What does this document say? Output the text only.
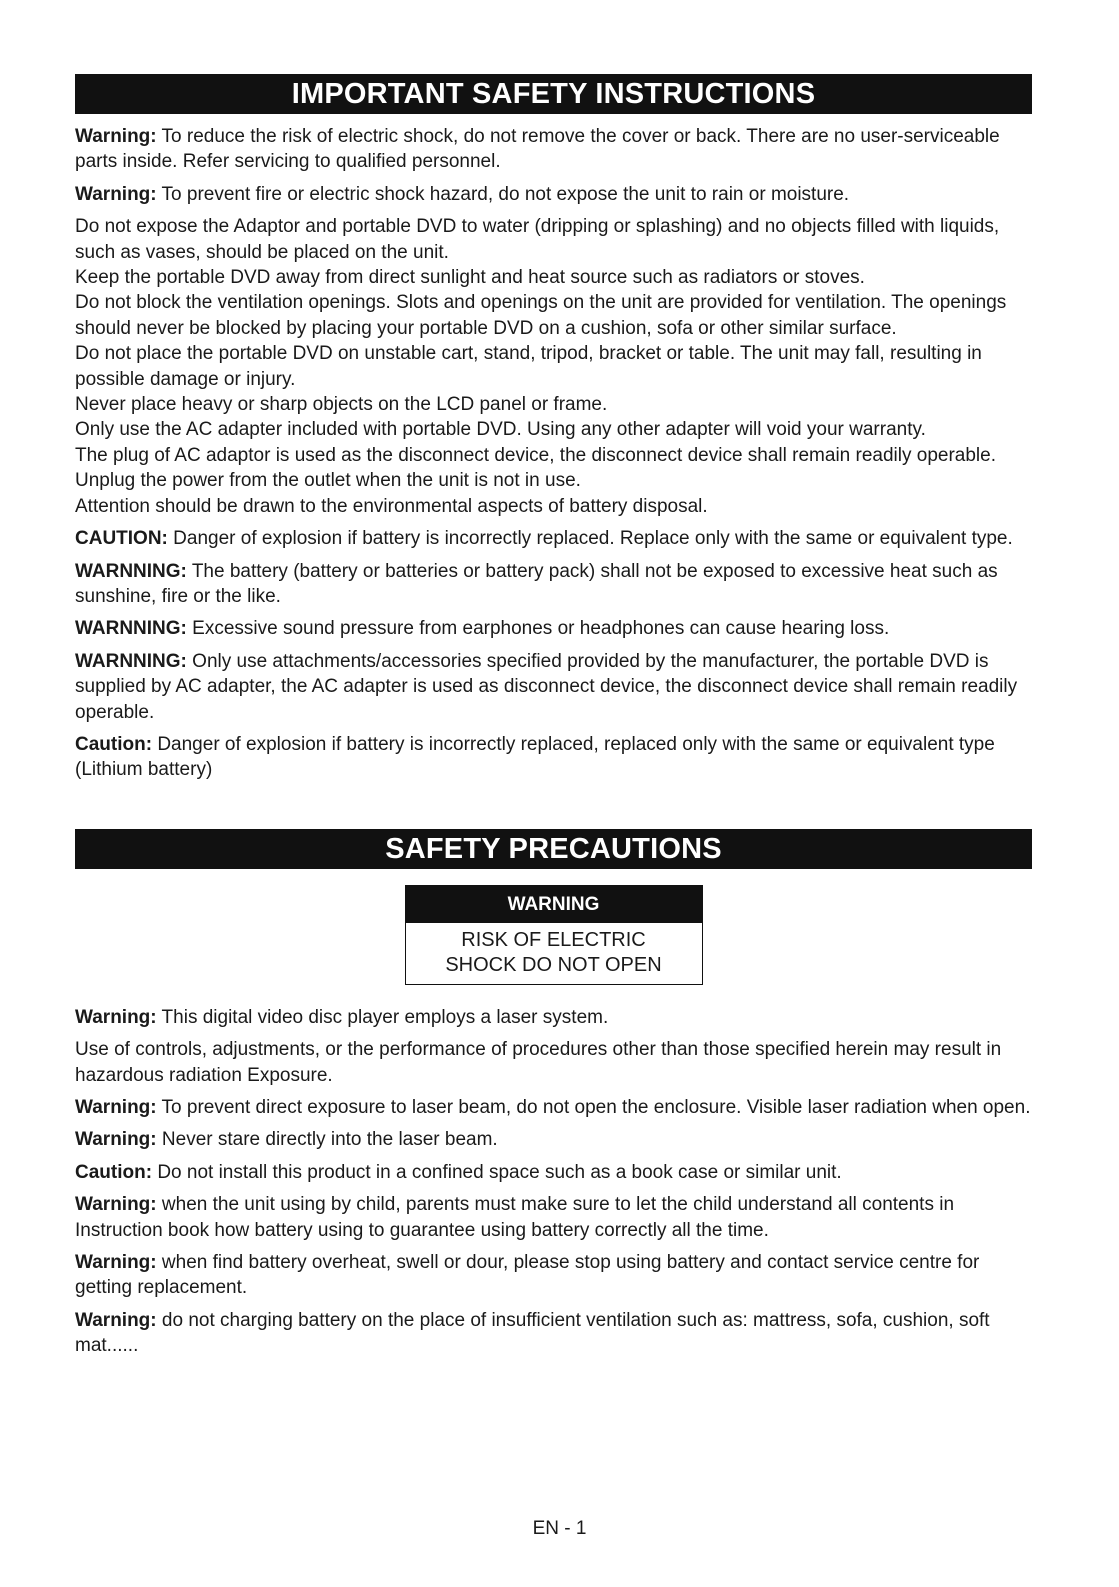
IMPORTANT SAFETY INSTRUCTIONS

Warning: To reduce the risk of electric shock, do not remove the cover or back. There are no user-serviceable parts inside. Refer servicing to qualified personnel.

Warning: To prevent fire or electric shock hazard, do not expose the unit to rain or moisture.

Do not expose the Adaptor and portable DVD to water (dripping or splashing) and no objects filled with liquids, such as vases, should be placed on the unit.

Keep the portable DVD away from direct sunlight and heat source such as radiators or stoves.

Do not block the ventilation openings. Slots and openings on the unit are provided for ventilation. The openings should never be blocked by placing your portable DVD on a cushion, sofa or other similar surface.

Do not place the portable DVD on unstable cart, stand, tripod, bracket or table. The unit may fall, resulting in possible damage or injury.

Never place heavy or sharp objects on the LCD panel or frame.

Only use the AC adapter included with portable DVD. Using any other adapter will void your warranty.

The plug of AC adaptor is used as the disconnect device, the disconnect device shall remain readily operable.

Unplug the power from the outlet when the unit is not in use.

Attention should be drawn to the environmental aspects of battery disposal.

CAUTION: Danger of explosion if battery is incorrectly replaced. Replace only with the same or equivalent type.

WARNNING: The battery (battery or batteries or battery pack) shall not be exposed to excessive heat such as sunshine, fire or the like.

WARNNING: Excessive sound pressure from earphones or headphones can cause hearing loss.

WARNNING: Only use attachments/accessories specified provided by the manufacturer, the portable DVD is supplied by AC adapter, the AC adapter is used as disconnect device, the disconnect device shall remain readily operable.

Caution: Danger of explosion if battery is incorrectly replaced, replaced only with the same or equivalent type (Lithium battery)

SAFETY PRECAUTIONS
WARNING
RISK OF ELECTRIC
SHOCK DO NOT OPEN

Warning: This digital video disc player employs a laser system.

Use of controls, adjustments, or the performance of procedures other than those specified herein may result in hazardous radiation Exposure.

Warning: To prevent direct exposure to laser beam, do not open the enclosure. Visible laser radiation when open.

Warning: Never stare directly into the laser beam.

Caution: Do not install this product in a confined space such as a book case or similar unit.

Warning: when the unit using by child, parents must make sure to let the child understand all contents in Instruction book how battery using to guarantee using battery correctly all the time.

Warning: when find battery overheat, swell or dour, please stop using battery and contact service centre for getting replacement.

Warning: do not charging battery on the place of insufficient ventilation such as: mattress, sofa, cushion, soft mat......

EN - 1
